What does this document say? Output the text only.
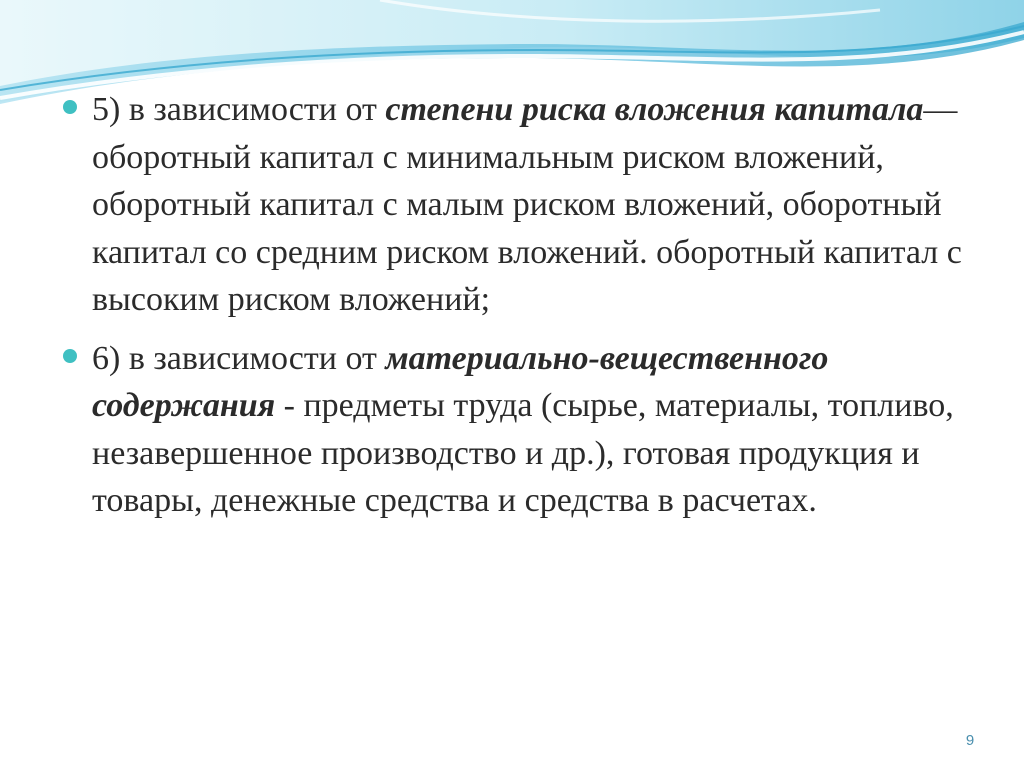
5) в зависимости от степени риска вложения капитала— оборотный капитал с минимальным риском вложений, оборотный капитал с малым риском вложений, оборотный капитал со средним риском вложений. оборотный капитал с высоким риском вложений;
6) в зависимости от материально-вещественного содержания - предметы труда (сырье, материалы, топливо, незавершенное производство и др.), готовая продукция и товары, денежные средства и средства в расчетах.
9
